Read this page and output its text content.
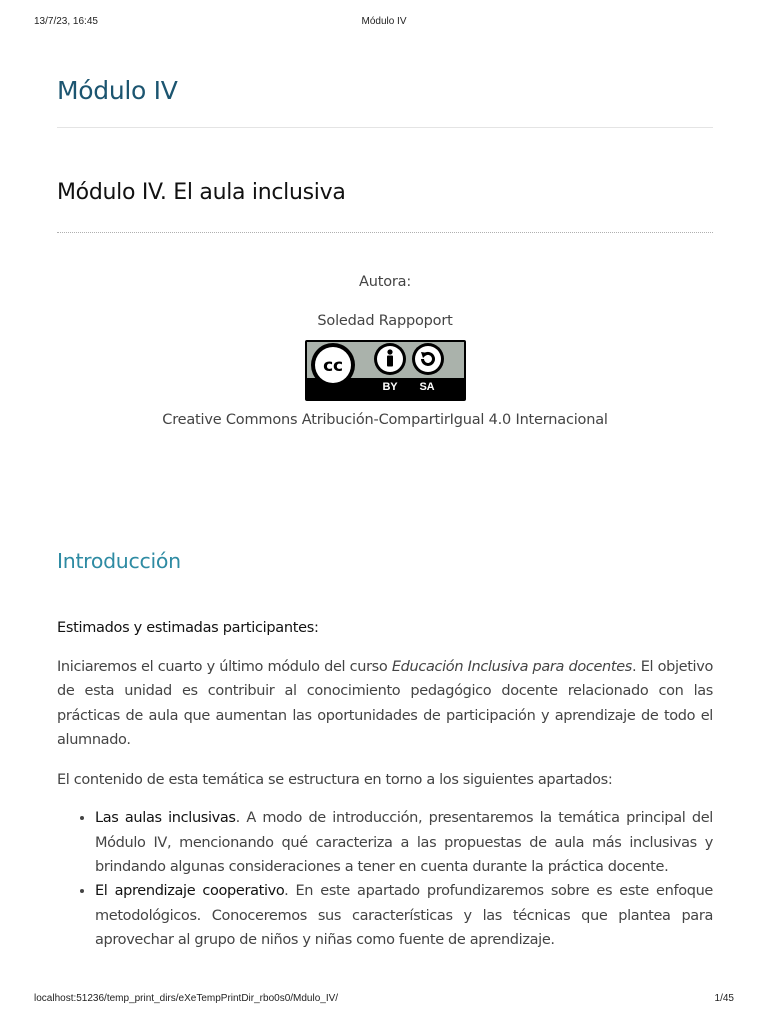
13/7/23, 16:45	Módulo IV
Módulo IV
Módulo IV. El aula inclusiva
Autora:
Soledad Rappoport
cc
BY SA
Creative Commons Atribución-CompartirIgual 4.0 Internacional
Introducción

Estimados y estimadas participantes:

Iniciaremos el cuarto y último módulo del curso Educación Inclusiva para docentes. El objetivo de esta unidad es contribuir al conocimiento pedagógico docente relacionado con las prácticas de aula que aumentan las oportunidades de participación y aprendizaje de todo el alumnado.

El contenido de esta temática se estructura en torno a los siguientes apartados:

• Las aulas inclusivas. A modo de introducción, presentaremos la temática principal del Módulo IV, mencionando qué caracteriza a las propuestas de aula más inclusivas y brindando algunas consideraciones a tener en cuenta durante la práctica docente.
• El aprendizaje cooperativo. En este apartado profundizaremos sobre es este enfoque metodológicos. Conoceremos sus características y las técnicas que plantea para aprovechar al grupo de niños y niñas como fuente de aprendizaje.
localhost:51236/temp_print_dirs/eXeTempPrintDir_rbo0s0/Mdulo_IV/	1/45
